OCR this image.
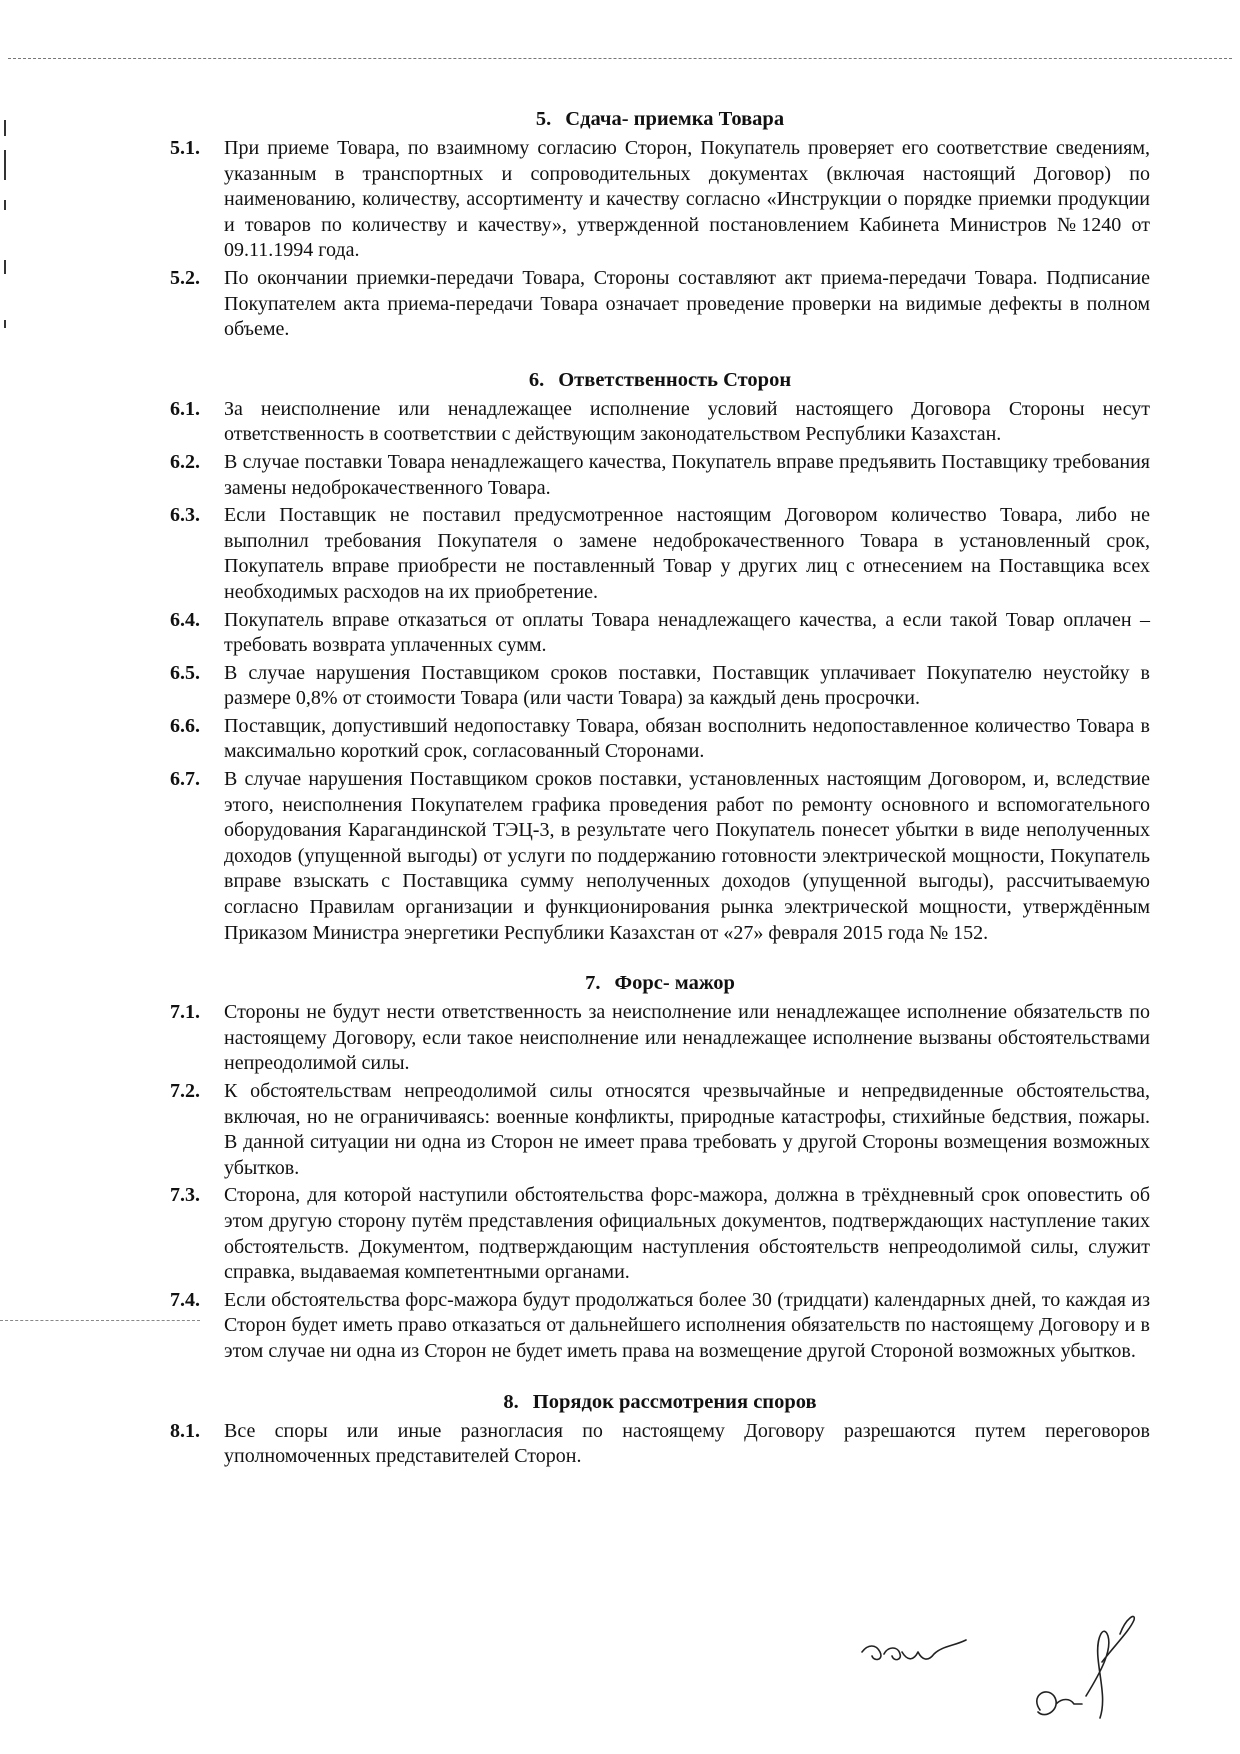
5. Сдача- приемка Товара
5.1.	При приеме Товара, по взаимному согласию Сторон, Покупатель проверяет его соответствие сведениям, указанным в транспортных и сопроводительных документах (включая настоящий Договор) по наименованию, количеству, ассортименту и качеству согласно «Инструкции о порядке приемки продукции и товаров по количеству и качеству», утвержденной постановлением Кабинета Министров №1240 от 09.11.1994 года.
5.2.	По окончании приемки-передачи Товара, Стороны составляют акт приема-передачи Товара. Подписание Покупателем акта приема-передачи Товара означает проведение проверки на видимые дефекты в полном объеме.
6. Ответственность Сторон
6.1.	За неисполнение или ненадлежащее исполнение условий настоящего Договора Стороны несут ответственность в соответствии с действующим законодательством Республики Казахстан.
6.2.	В случае поставки Товара ненадлежащего качества, Покупатель вправе предъявить Поставщику требования замены недоброкачественного Товара.
6.3.	Если Поставщик не поставил предусмотренное настоящим Договором количество Товара, либо не выполнил требования Покупателя о замене недоброкачественного Товара в установленный срок, Покупатель вправе приобрести не поставленный Товар у других лиц с отнесением на Поставщика всех необходимых расходов на их приобретение.
6.4.	Покупатель вправе отказаться от оплаты Товара ненадлежащего качества, а если такой Товар оплачен – требовать возврата уплаченных сумм.
6.5.	В случае нарушения Поставщиком сроков поставки, Поставщик уплачивает Покупателю неустойку в размере 0,8% от стоимости Товара (или части Товара) за каждый день просрочки.
6.6.	Поставщик, допустивший недопоставку Товара, обязан восполнить недопоставленное количество Товара в максимально короткий срок, согласованный Сторонами.
6.7.	В случае нарушения Поставщиком сроков поставки, установленных настоящим Договором, и, вследствие этого, неисполнения Покупателем графика проведения работ по ремонту основного и вспомогательного оборудования Карагандинской ТЭЦ-3, в результате чего Покупатель понесет убытки в виде неполученных доходов (упущенной выгоды) от услуги по поддержанию готовности электрической мощности, Покупатель вправе взыскать с Поставщика сумму неполученных доходов (упущенной выгоды), рассчитываемую согласно Правилам организации и функционирования рынка электрической мощности, утверждённым Приказом Министра энергетики Республики Казахстан от «27» февраля 2015 года № 152.
7. Форс- мажор
7.1.	Стороны не будут нести ответственность за неисполнение или ненадлежащее исполнение обязательств по настоящему Договору, если такое неисполнение или ненадлежащее исполнение вызваны обстоятельствами непреодолимой силы.
7.2.	К обстоятельствам непреодолимой силы относятся чрезвычайные и непредвиденные обстоятельства, включая, но не ограничиваясь: военные конфликты, природные катастрофы, стихийные бедствия, пожары. В данной ситуации ни одна из Сторон не имеет права требовать у другой Стороны возмещения возможных убытков.
7.3.	Сторона, для которой наступили обстоятельства форс-мажора, должна в трёхдневный срок оповестить об этом другую сторону путём представления официальных документов, подтверждающих наступление таких обстоятельств. Документом, подтверждающим наступления обстоятельств непреодолимой силы, служит справка, выдаваемая компетентными органами.
7.4.	Если обстоятельства форс-мажора будут продолжаться более 30 (тридцати) календарных дней, то каждая из Сторон будет иметь право отказаться от дальнейшего исполнения обязательств по настоящему Договору и в этом случае ни одна из Сторон не будет иметь права на возмещение другой Стороной возможных убытков.
8. Порядок рассмотрения споров
8.1.	Все споры или иные разногласия по настоящему Договору разрешаются путем переговоров уполномоченных представителей Сторон.
